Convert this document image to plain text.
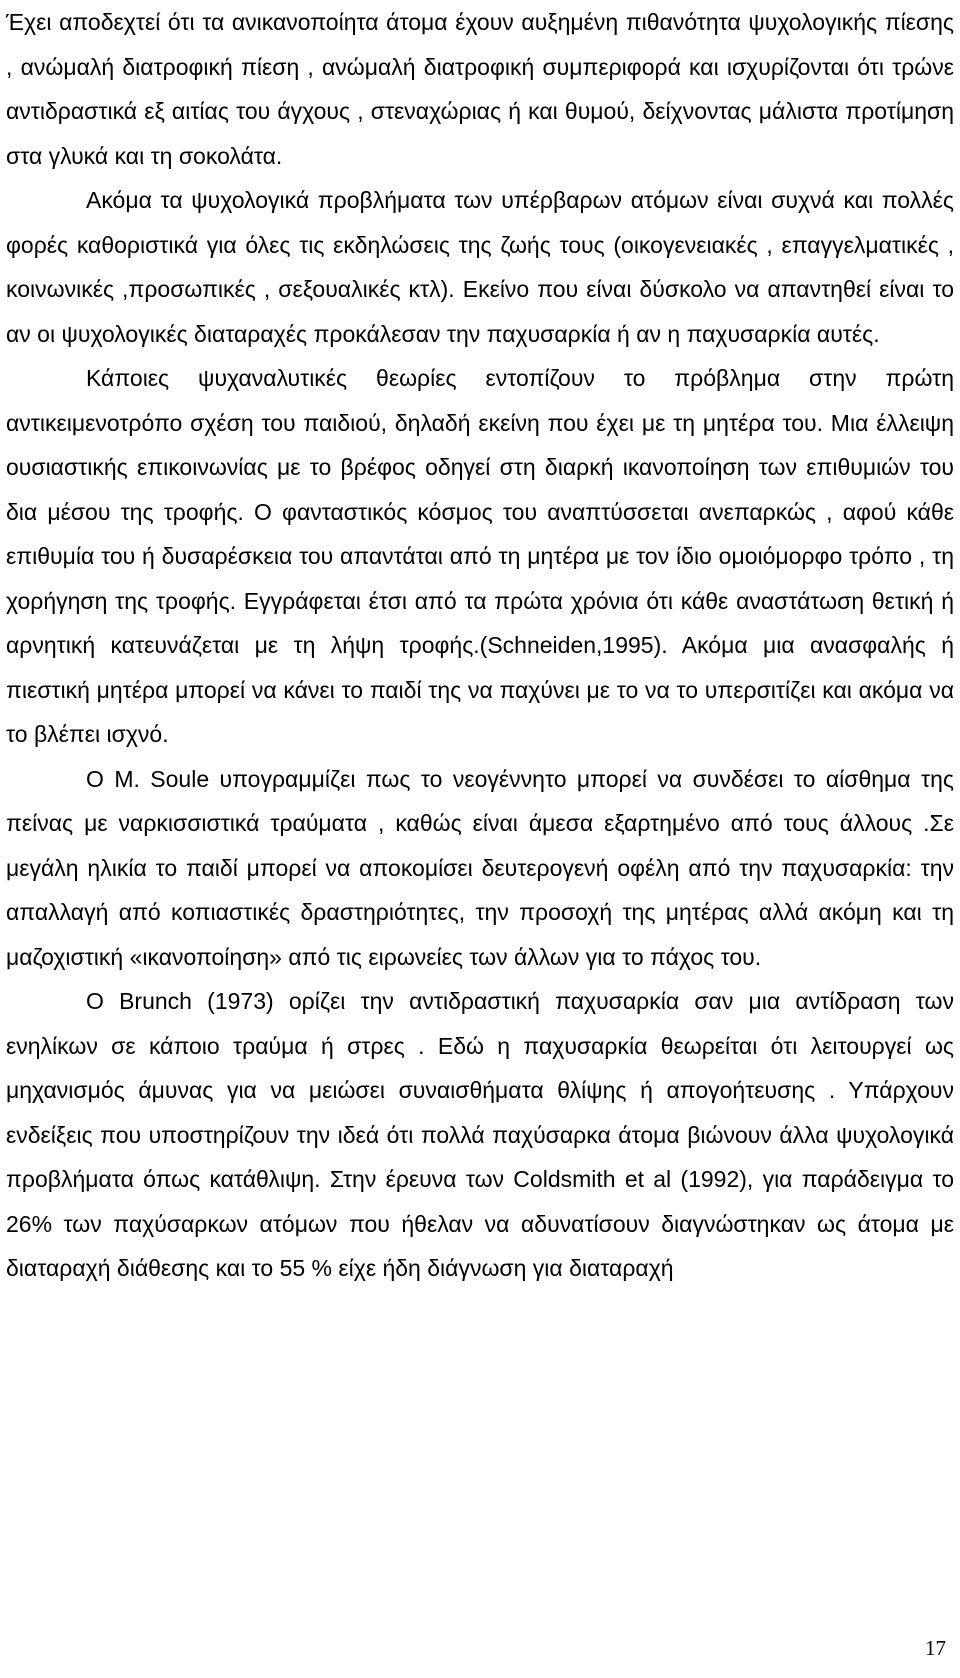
Έχει αποδεχτεί ότι τα ανικανοποίητα άτομα έχουν αυξημένη πιθανότητα ψυχολογικής πίεσης , ανώμαλή διατροφική πίεση , ανώμαλή διατροφική συμπεριφορά και ισχυρίζονται ότι τρώνε αντιδραστικά εξ αιτίας του άγχους , στεναχώριας ή και θυμού, δείχνοντας μάλιστα προτίμηση στα γλυκά και τη σοκολάτα.

Ακόμα τα ψυχολογικά προβλήματα των υπέρβαρων ατόμων είναι συχνά και πολλές φορές καθοριστικά για όλες τις εκδηλώσεις της ζωής τους (οικογενειακές , επαγγελματικές , κοινωνικές ,προσωπικές , σεξουαλικές κτλ). Εκείνο που είναι δύσκολο να απαντηθεί είναι το αν οι ψυχολογικές διαταραχές προκάλεσαν την παχυσαρκία ή αν η παχυσαρκία αυτές.

Κάποιες ψυχαναλυτικές θεωρίες εντοπίζουν το πρόβλημα στην πρώτη αντικειμενοτρόπο σχέση του παιδιού, δηλαδή εκείνη που έχει με τη μητέρα του. Μια έλλειψη ουσιαστικής επικοινωνίας με το βρέφος οδηγεί στη διαρκή ικανοποίηση των επιθυμιών του δια μέσου της τροφής. Ο φανταστικός κόσμος του αναπτύσσεται ανεπαρκώς , αφού κάθε επιθυμία του ή δυσαρέσκεια του απαντάται από τη μητέρα με τον ίδιο ομοιόμορφο τρόπο , τη χορήγηση της τροφής. Εγγράφεται έτσι από τα πρώτα χρόνια ότι κάθε αναστάτωση θετική ή αρνητική κατευνάζεται με τη λήψη τροφής.(Schneiden,1995). Ακόμα μια ανασφαλής ή πιεστική μητέρα μπορεί να κάνει το παιδί της να παχύνει με το να το υπερσιτίζει και ακόμα να το βλέπει ισχνό.

Ο Μ. Soule υπογραμμίζει πως το νεογέννητο μπορεί να συνδέσει το αίσθημα της πείνας με ναρκισσιστικά τραύματα , καθώς είναι άμεσα εξαρτημένο από τους άλλους .Σε μεγάλη ηλικία το παιδί μπορεί να αποκομίσει δευτερογενή οφέλη από την παχυσαρκία: την απαλλαγή από κοπιαστικές δραστηριότητες, την προσοχή της μητέρας αλλά ακόμη και τη μαζοχιστική «ικανοποίηση» από τις ειρωνείες των άλλων για το πάχος του.

Ο Brunch (1973) ορίζει την αντιδραστική παχυσαρκία σαν μια αντίδραση των ενηλίκων σε κάποιο τραύμα ή στρες . Εδώ η παχυσαρκία θεωρείται ότι λειτουργεί ως μηχανισμός άμυνας για να μειώσει συναισθήματα θλίψης ή απογοήτευσης . Υπάρχουν ενδείξεις που υποστηρίζουν την ιδεά ότι πολλά παχύσαρκα άτομα βιώνουν άλλα ψυχολογικά προβλήματα όπως κατάθλιψη. Στην έρευνα των Coldsmith et al (1992), για παράδειγμα το 26% των παχύσαρκων ατόμων που ήθελαν να αδυνατίσουν διαγνώστηκαν ως άτομα με διαταραχή διάθεσης και το 55 % είχε ήδη διάγνωση για διαταραχή

17
